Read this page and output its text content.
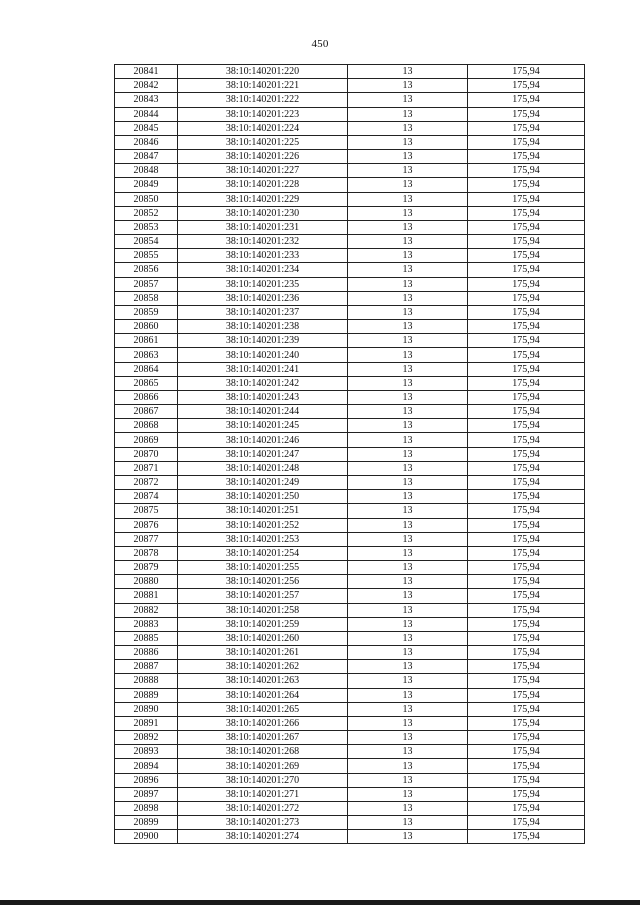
450
20841	38:10:140201:220	13	175,94
20842	38:10:140201:221	13	175,94
20843	38:10:140201:222	13	175,94
20844	38:10:140201:223	13	175,94
20845	38:10:140201:224	13	175,94
20846	38:10:140201:225	13	175,94
20847	38:10:140201:226	13	175,94
20848	38:10:140201:227	13	175,94
20849	38:10:140201:228	13	175,94
20850	38:10:140201:229	13	175,94
20852	38:10:140201:230	13	175,94
20853	38:10:140201:231	13	175,94
20854	38:10:140201:232	13	175,94
20855	38:10:140201:233	13	175,94
20856	38:10:140201:234	13	175,94
20857	38:10:140201:235	13	175,94
20858	38:10:140201:236	13	175,94
20859	38:10:140201:237	13	175,94
20860	38:10:140201:238	13	175,94
20861	38:10:140201:239	13	175,94
20863	38:10:140201:240	13	175,94
20864	38:10:140201:241	13	175,94
20865	38:10:140201:242	13	175,94
20866	38:10:140201:243	13	175,94
20867	38:10:140201:244	13	175,94
20868	38:10:140201:245	13	175,94
20869	38:10:140201:246	13	175,94
20870	38:10:140201:247	13	175,94
20871	38:10:140201:248	13	175,94
20872	38:10:140201:249	13	175,94
20874	38:10:140201:250	13	175,94
20875	38:10:140201:251	13	175,94
20876	38:10:140201:252	13	175,94
20877	38:10:140201:253	13	175,94
20878	38:10:140201:254	13	175,94
20879	38:10:140201:255	13	175,94
20880	38:10:140201:256	13	175,94
20881	38:10:140201:257	13	175,94
20882	38:10:140201:258	13	175,94
20883	38:10:140201:259	13	175,94
20885	38:10:140201:260	13	175,94
20886	38:10:140201:261	13	175,94
20887	38:10:140201:262	13	175,94
20888	38:10:140201:263	13	175,94
20889	38:10:140201:264	13	175,94
20890	38:10:140201:265	13	175,94
20891	38:10:140201:266	13	175,94
20892	38:10:140201:267	13	175,94
20893	38:10:140201:268	13	175,94
20894	38:10:140201:269	13	175,94
20896	38:10:140201:270	13	175,94
20897	38:10:140201:271	13	175,94
20898	38:10:140201:272	13	175,94
20899	38:10:140201:273	13	175,94
20900	38:10:140201:274	13	175,94
